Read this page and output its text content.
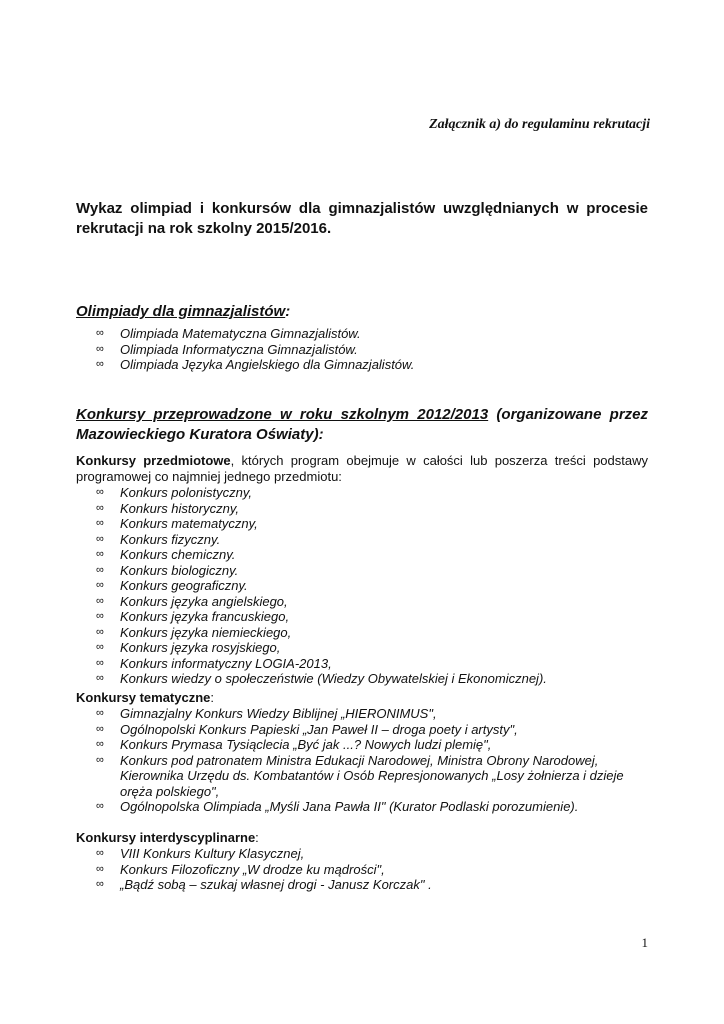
Załącznik a) do regulaminu rekrutacji

Wykaz olimpiad i konkursów dla gimnazjalistów uwzględnianych w procesie rekrutacji na rok szkolny 2015/2016.

Olimpiady dla gimnazjalistów:

∞ Olimpiada Matematyczna Gimnazjalistów.
∞ Olimpiada Informatyczna Gimnazjalistów.
∞ Olimpiada Języka Angielskiego dla Gimnazjalistów.

Konkursy przeprowadzone w roku szkolnym 2012/2013 (organizowane przez Mazowieckiego Kuratora Oświaty):

Konkursy przedmiotowe, których program obejmuje w całości lub poszerza treści podstawy programowej co najmniej jednego przedmiotu:

∞ Konkurs polonistyczny,
∞ Konkurs historyczny,
∞ Konkurs matematyczny,
∞ Konkurs fizyczny.
∞ Konkurs chemiczny.
∞ Konkurs biologiczny.
∞ Konkurs geograficzny.
∞ Konkurs języka angielskiego,
∞ Konkurs języka francuskiego,
∞ Konkurs języka niemieckiego,
∞ Konkurs języka rosyjskiego,
∞ Konkurs informatyczny LOGIA-2013,
∞ Konkurs wiedzy o społeczeństwie (Wiedzy Obywatelskiej i Ekonomicznej).

Konkursy tematyczne:

∞ Gimnazjalny Konkurs Wiedzy Biblijnej „HIERONIMUS",
∞ Ogólnopolski Konkurs Papieski „Jan Paweł II – droga poety i artysty",
∞ Konkurs Prymasa Tysiąclecia „Być jak ...? Nowych ludzi plemię",
∞ Konkurs pod patronatem Ministra Edukacji Narodowej, Ministra Obrony Narodowej, Kierownika Urzędu ds. Kombatantów i Osób Represjonowanych „Losy żołnierza i dzieje oręża polskiego",
∞ Ogólnopolska Olimpiada „Myśli Jana Pawła II" (Kurator Podlaski porozumienie).

Konkursy interdyscyplinarne:

∞ VIII Konkurs Kultury Klasycznej,
∞ Konkurs Filozoficzny „W drodze ku mądrości",
∞ „Bądź sobą – szukaj własnej drogi - Janusz Korczak" .

1
